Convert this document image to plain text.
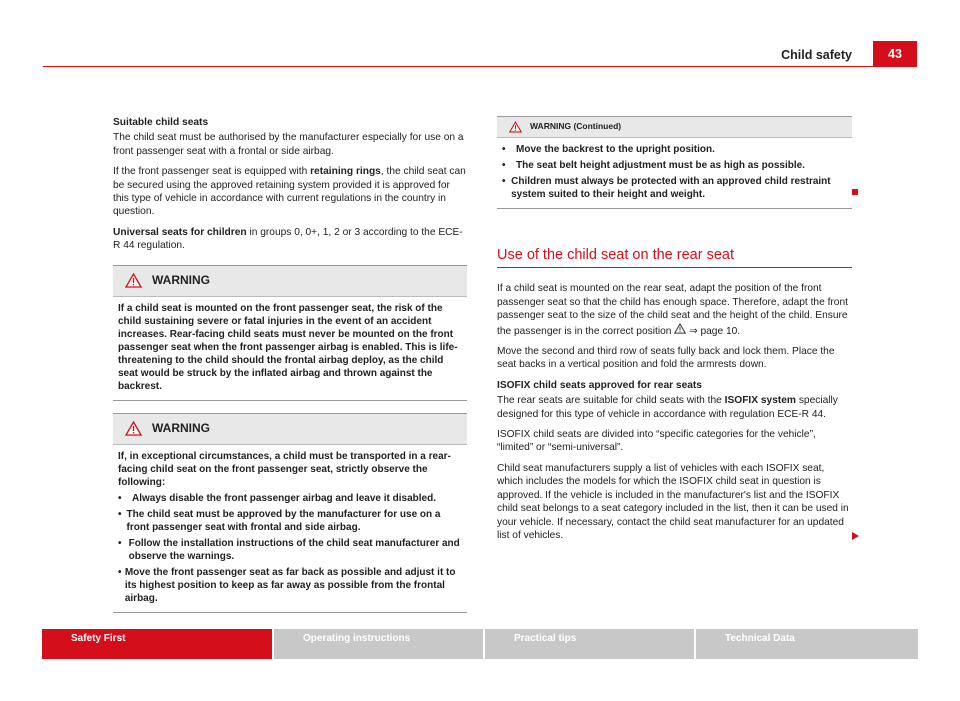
Child safety	43

Suitable child seats

The child seat must be authorised by the manufacturer especially for use on a front passenger seat with a frontal or side airbag.

If the front passenger seat is equipped with retaining rings, the child seat can be secured using the approved retaining system provided it is approved for this type of vehicle in accordance with current regulations in the country in question.

Universal seats for children in groups 0, 0+, 1, 2 or 3 according to the ECE-R 44 regulation.

WARNING

If a child seat is mounted on the front passenger seat, the risk of the child sustaining severe or fatal injuries in the event of an accident increases. Rear-facing child seats must never be mounted on the front passenger seat when the front passenger airbag is enabled. This is life-threatening to the child should the frontal airbag deploy, as the child seat would be struck by the inflated airbag and thrown against the backrest.

WARNING

If, in exceptional circumstances, a child must be transported in a rear-facing child seat on the front passenger seat, strictly observe the following:

•	Always disable the front passenger airbag and leave it disabled.

• The child seat must be approved by the manufacturer for use on a front passenger seat with frontal and side airbag.

• Follow the installation instructions of the child seat manufacturer and observe the warnings.

• Move the front passenger seat as far back as possible and adjust it to its highest position to keep as far away as possible from the frontal airbag.

WARNING (Continued)

•	Move the backrest to the upright position.

•	The seat belt height adjustment must be as high as possible.

• Children must always be protected with an approved child restraint system suited to their height and weight.

Use of the child seat on the rear seat

If a child seat is mounted on the rear seat, adapt the position of the front passenger seat so that the child has enough space. Therefore, adapt the front passenger seat to the size of the child seat and the height of the child. Ensure the passenger is in the correct position  ⇒ page 10.

Move the second and third row of seats fully back and lock them. Place the seat backs in a vertical position and fold the armrests down.

ISOFIX child seats approved for rear seats

The rear seats are suitable for child seats with the ISOFIX system specially designed for this type of vehicle in accordance with regulation ECE-R 44.

ISOFIX child seats are divided into “specific categories for the vehicle”, “limited” or “semi-universal”.

Child seat manufacturers supply a list of vehicles with each ISOFIX seat, which includes the models for which the ISOFIX child seat in question is approved. If the vehicle is included in the manufacturer's list and the ISOFIX child seat belongs to a seat category included in the list, then it can be used in your vehicle. If necessary, contact the child seat manufacturer for an updated list of vehicles.

Safety First	Operating instructions	Practical tips	Technical Data
